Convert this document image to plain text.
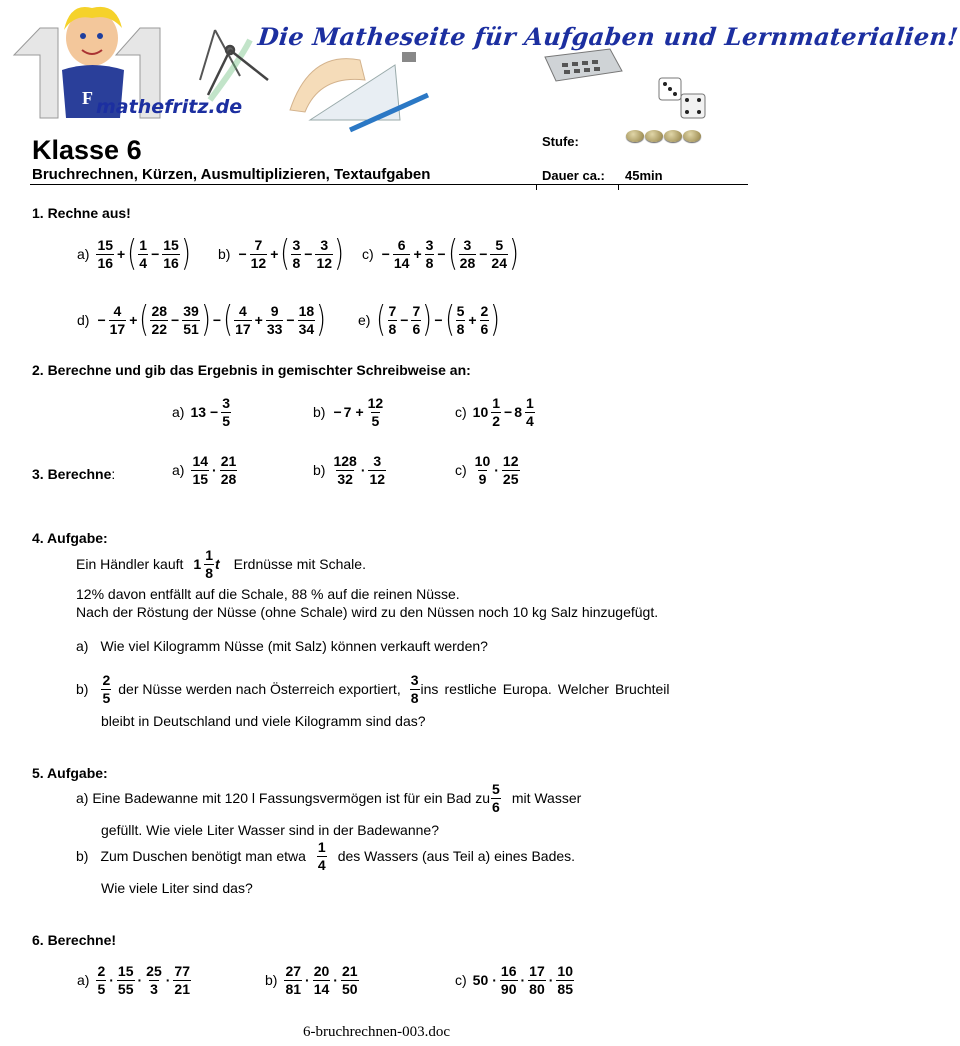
F
Die Matheseite für Aufgaben und Lernmaterialien!
mathefritz.de
Klasse 6
Bruchrechnen, Kürzen, Ausmultiplizieren, Textaufgaben
Stufe:
Dauer ca.: 45min
1. Rechne aus!
$a) \frac{15}{16}$ + ( $\frac{1}{4} - \frac{15}{16}$ ) $b) - \frac{7}{12}$ + ( $\frac{3}{8} - \frac{3}{12}$ ) $c) - \frac{6}{14} + \frac{3}{8}$ − ( $\frac{3}{28} - \frac{5}{24}$ )
$d) - \frac{4}{17}$ + ( $\frac{28}{22} - \frac{39}{51}$ ) − ( $\frac{4}{17} + \frac{9}{33} - \frac{18}{34}$ ) e) ( $\frac{7}{8} - \frac{7}{6}$ ) − ( $\frac{5}{8} + \frac{2}{6}$ )
2. Berechne und gib das Ergebnis in gemischter Schreibweise an:
a) $13 - \frac{3}{5}$	$b) - 7 + \frac{12}{5}$	c) $10 \frac{1}{2} - 8 \frac{1}{4}$
3. Berechne:	$a) \frac{14}{15} \cdot \frac{21}{28}$	$b) \frac{128}{32} \cdot \frac{3}{12}$	$c) \frac{10}{9} \cdot \frac{12}{25}$
4. Aufgabe:
Ein Händler kauft $1 \frac{1}{8}$ t Erdnüsse mit Schale.
12% davon entfällt auf die Schale, 88 % auf die reinen Nüsse.
Nach der Röstung der Nüsse (ohne Schale) wird zu den Nüssen noch 10 kg Salz hinzugefügt.
a) Wie viel Kilogramm Nüsse (mit Salz) können verkauft werden?
$b) \frac{2}{5}$ der Nüsse werden nach Österreich exportiert, $\frac{3}{8}$ ins restliche Europa. Welcher Bruchteil
bleibt in Deutschland und viele Kilogramm sind das?
5. Aufgabe:
a) Eine Badewanne mit 120 l Fassungsvermögen ist für ein Bad zu $\frac{5}{6}$ mit Wasser
gefüllt. Wie viele Liter Wasser sind in der Badewanne?
b) Zum Duschen benötigt man etwa $\frac{1}{4}$ des Wassers (aus Teil a) eines Bades.
Wie viele Liter sind das?
6. Berechne!
$a) \frac{2}{5} \cdot \frac{15}{55} \cdot \frac{25}{3} \cdot \frac{77}{21}$	$b) \frac{27}{81} \cdot \frac{20}{14} \cdot \frac{21}{50}$	c) $50 \cdot \frac{16}{90} \cdot \frac{17}{80} \cdot \frac{10}{85}$
6-bruchrechnen-003.doc
